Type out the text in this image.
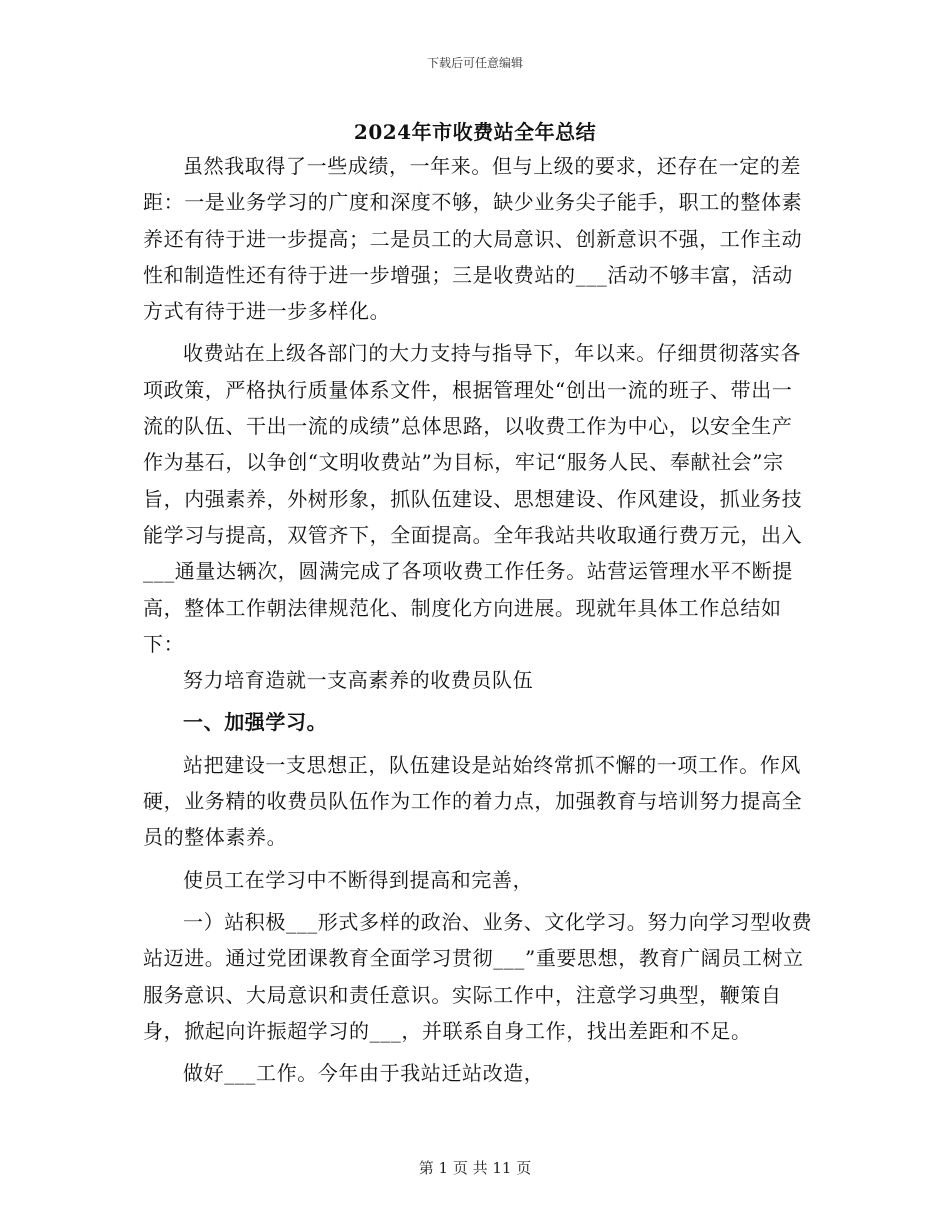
下载后可任意编辑
2024年市收费站全年总结

虽然我取得了一些成绩，一年来。但与上级的要求，还存在一定的差距：一是业务学习的广度和深度不够，缺少业务尖子能手，职工的整体素养还有待于进一步提高；二是员工的大局意识、创新意识不强，工作主动性和制造性还有待于进一步增强；三是收费站的___活动不够丰富，活动方式有待于进一步多样化。

收费站在上级各部门的大力支持与指导下，年以来。仔细贯彻落实各项政策，严格执行质量体系文件，根据管理处“创出一流的班子、带出一流的队伍、干出一流的成绩”总体思路，以收费工作为中心，以安全生产作为基石，以争创“文明收费站”为目标，牢记“服务人民、奉献社会”宗旨，内强素养，外树形象，抓队伍建设、思想建设、作风建设，抓业务技能学习与提高，双管齐下，全面提高。全年我站共收取通行费万元，出入___通量达辆次，圆满完成了各项收费工作任务。站营运管理水平不断提高，整体工作朝法律规范化、制度化方向进展。现就年具体工作总结如下：

努力培育造就一支高素养的收费员队伍

一、加强学习。

站把建设一支思想正，队伍建设是站始终常抓不懈的一项工作。作风硬，业务精的收费员队伍作为工作的着力点，加强教育与培训努力提高全员的整体素养。

使员工在学习中不断得到提高和完善，

一）站积极___形式多样的政治、业务、文化学习。努力向学习型收费站迈进。通过党团课教育全面学习贯彻___”重要思想，教育广阔员工树立服务意识、大局意识和责任意识。实际工作中，注意学习典型，鞭策自身，掀起向许振超学习的___，并联系自身工作，找出差距和不足。

做好___工作。今年由于我站迁站改造，

第 1 页 共 11 页
